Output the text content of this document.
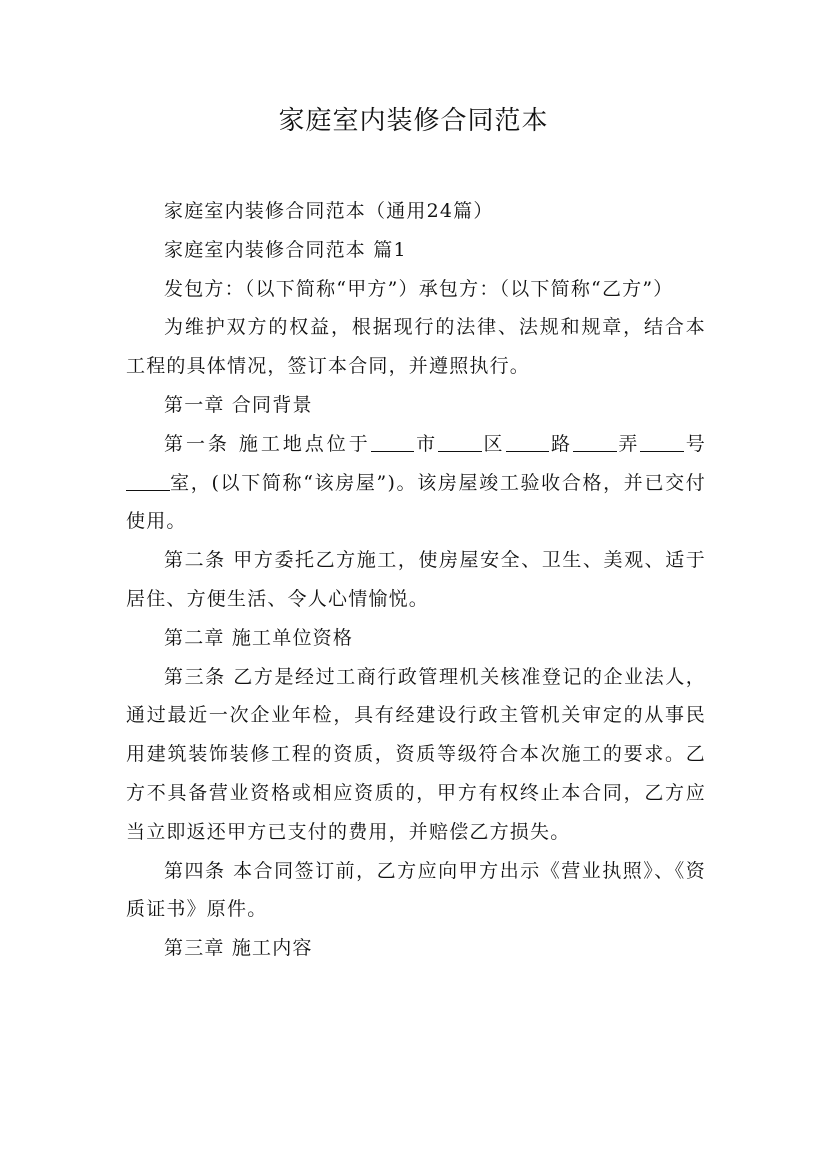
家庭室内装修合同范本

家庭室内装修合同范本（通用24篇）

家庭室内装修合同范本 篇1

发包方：（以下简称“甲方”）承包方：（以下简称“乙方”）

为维护双方的权益，根据现行的法律、法规和规章，结合本工程的具体情况，签订本合同，并遵照执行。

第一章 合同背景

第一条 施工地点位于 市 区 路 弄 号室，(以下简称“该房屋”)。该房屋竣工验收合格，并已交付使用。

第二条 甲方委托乙方施工，使房屋安全、卫生、美观、适于居住、方便生活、令人心情愉悦。

第二章 施工单位资格

第三条 乙方是经过工商行政管理机关核准登记的企业法人，通过最近一次企业年检，具有经建设行政主管机关审定的从事民用建筑装饰装修工程的资质，资质等级符合本次施工的要求。乙方不具备营业资格或相应资质的，甲方有权终止本合同，乙方应当立即返还甲方已支付的费用，并赔偿乙方损失。

第四条 本合同签订前，乙方应向甲方出示《营业执照》、《资质证书》原件。

第三章 施工内容
